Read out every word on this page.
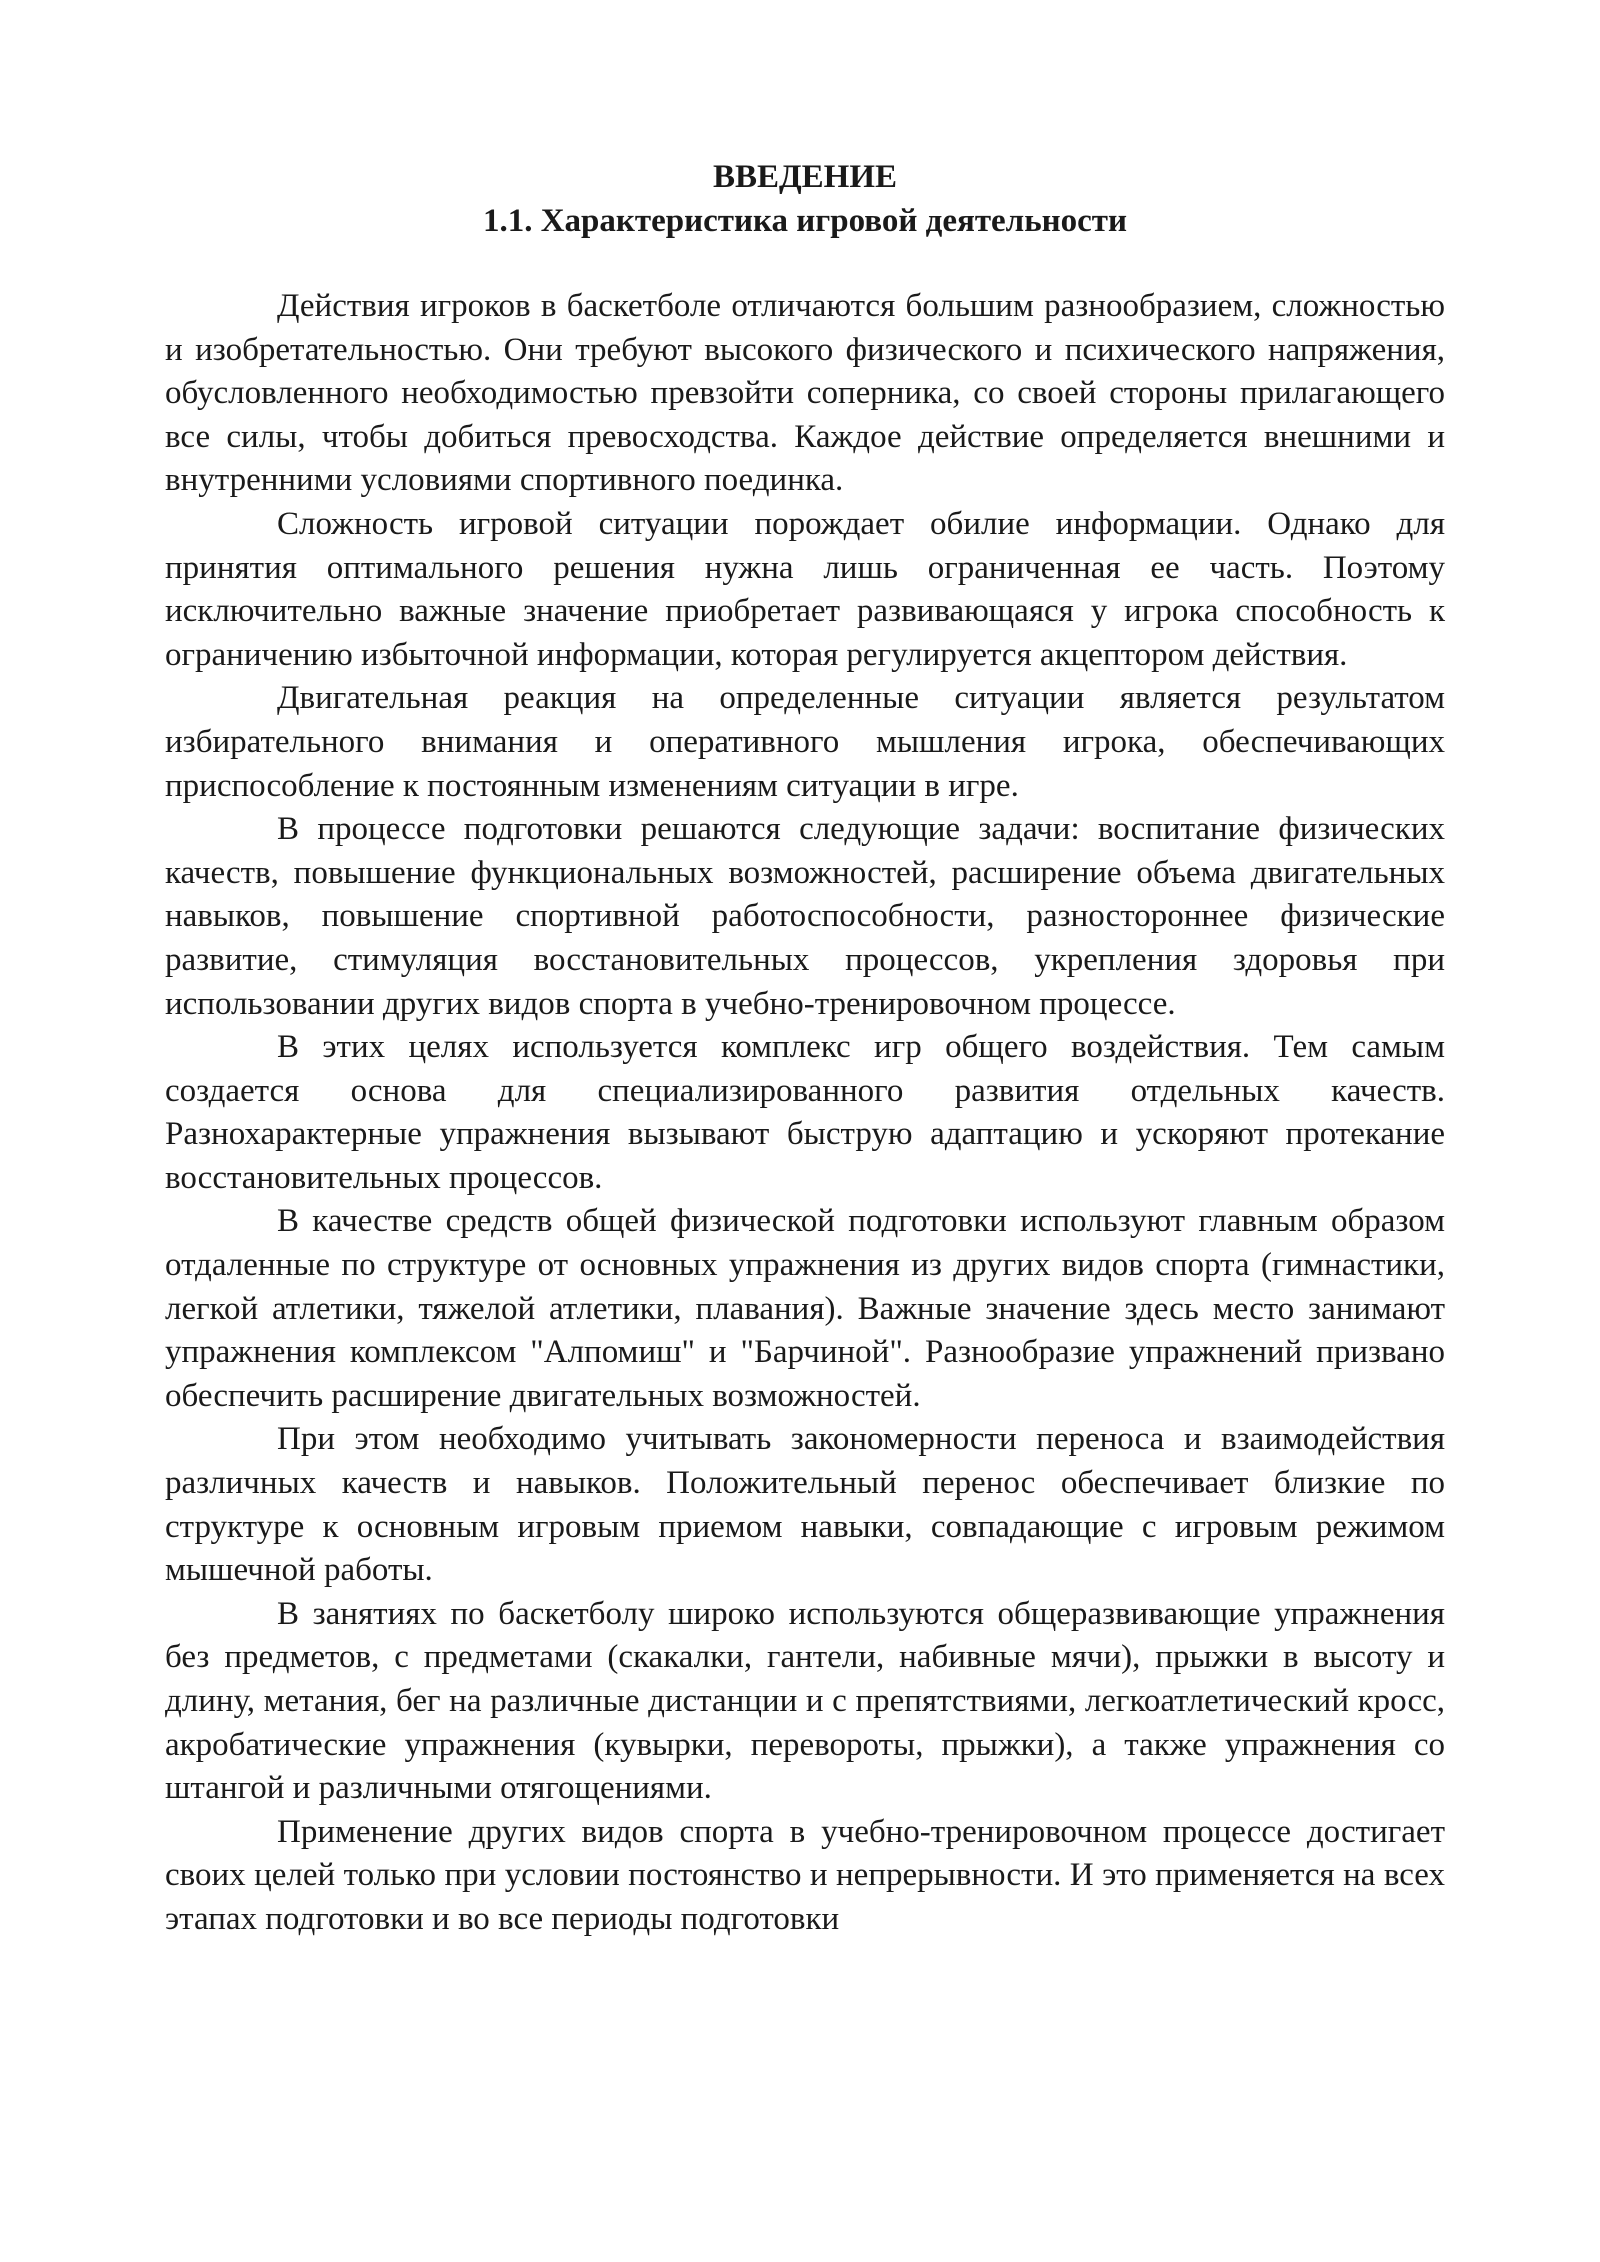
ВВЕДЕНИЕ
1.1. Характеристика игровой деятельности

Действия игроков в баскетболе отличаются большим разнообразием, сложностью и изобретательностью. Они требуют высокого физического и психического напряжения, обусловленного необходимостью превзойти соперника, со своей стороны прилагающего все силы, чтобы добиться превосходства. Каждое действие определяется внешними и внутренними условиями спортивного поединка.

Сложность игровой ситуации порождает обилие информации. Однако для принятия оптимального решения нужна лишь ограниченная ее часть. Поэтому исключительно важные значение приобретает развивающаяся у игрока способность к ограничению избыточной информации, которая регулируется акцептором действия.

Двигательная реакция на определенные ситуации является результатом избирательного внимания и оперативного мышления игрока, обеспечивающих приспособление к постоянным изменениям ситуации в игре.

В процессе подготовки решаются следующие задачи: воспитание физических качеств, повышение функциональных возможностей, расширение объема двигательных навыков, повышение спортивной работоспособности, разностороннее физические развитие, стимуляция восстановительных процессов, укрепления здоровья при использовании других видов спорта в учебно-тренировочном процессе.

В этих целях используется комплекс игр общего воздействия. Тем самым создается основа для специализированного развития отдельных качеств. Разнохарактерные упражнения вызывают быструю адаптацию и ускоряют протекание восстановительных процессов.

В качестве средств общей физической подготовки используют главным образом отдаленные по структуре от основных упражнения из других видов спорта (гимнастики, легкой атлетики, тяжелой атлетики, плавания). Важные значение здесь место занимают упражнения комплексом "Алпомиш" и "Барчиной". Разнообразие упражнений призвано обеспечить расширение двигательных возможностей.

При этом необходимо учитывать закономерности переноса и взаимодействия различных качеств и навыков. Положительный перенос обеспечивает близкие по структуре к основным игровым приемом навыки, совпадающие с игровым режимом мышечной работы.

В занятиях по баскетболу широко используются общеразвивающие упражнения без предметов, с предметами (скакалки, гантели, набивные мячи), прыжки в высоту и длину, метания, бег на различные дистанции и с препятствиями, легкоатлетический кросс, акробатические упражнения (кувырки, перевороты, прыжки), а также упражнения со штангой и различными отягощениями.

Применение других видов спорта в учебно-тренировочном процессе достигает своих целей только при условии постоянство и непрерывности. И это применяется на всех этапах подготовки и во все периоды подготовки
